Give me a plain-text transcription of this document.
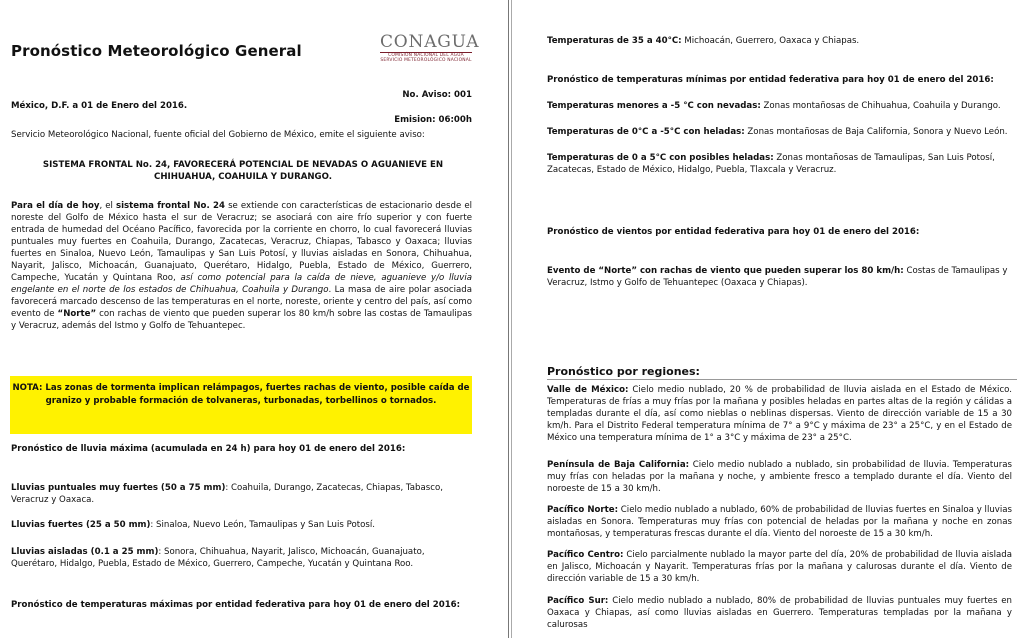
Pronóstico Meteorológico General	CONAGUA
COMISIÓN NACIONAL DEL AGUA
SERVICIO METEOROLÓGICO NACIONAL
México, D.F. a 01 de Enero del 2016.
No. Aviso: 001
Emision: 06:00h
Servicio Meteorológico Nacional, fuente oficial del Gobierno de México, emite el siguiente aviso:
SISTEMA FRONTAL No. 24, FAVORECERÁ POTENCIAL DE NEVADAS O AGUANIEVE EN CHIHUAHUA, COAHUILA Y DURANGO.
Para el día de hoy, el sistema frontal No. 24 se extiende con características de estacionario desde el noreste del Golfo de México hasta el sur de Veracruz; se asociará con aire frío superior y con fuerte entrada de humedad del Océano Pacífico, favorecida por la corriente en chorro, lo cual favorecerá lluvias puntuales muy fuertes en Coahuila, Durango, Zacatecas, Veracruz, Chiapas, Tabasco y Oaxaca; lluvias fuertes en Sinaloa, Nuevo León, Tamaulipas y San Luis Potosí, y lluvias aisladas en Sonora, Chihuahua, Nayarit, Jalisco, Michoacán, Guanajuato, Querétaro, Hidalgo, Puebla, Estado de México, Guerrero, Campeche, Yucatán y Quintana Roo, así como potencial para la caída de nieve, aguanieve y/o lluvia engelante en el norte de los estados de Chihuahua, Coahuila y Durango. La masa de aire polar asociada favorecerá marcado descenso de las temperaturas en el norte, noreste, oriente y centro del país, así como evento de “Norte” con rachas de viento que pueden superar los 80 km/h sobre las costas de Tamaulipas y Veracruz, además del Istmo y Golfo de Tehuantepec.
NOTA: Las zonas de tormenta implican relámpagos, fuertes rachas de viento, posible caída de granizo y probable formación de tolvaneras, turbonadas, torbellinos o tornados.
Pronóstico de lluvia máxima (acumulada en 24 h) para hoy 01 de enero del 2016:
Lluvias puntuales muy fuertes (50 a 75 mm): Coahuila, Durango, Zacatecas, Chiapas, Tabasco, Veracruz y Oaxaca.
Lluvias fuertes (25 a 50 mm): Sinaloa, Nuevo León, Tamaulipas y San Luis Potosí.
Lluvias aisladas (0.1 a 25 mm): Sonora, Chihuahua, Nayarit, Jalisco, Michoacán, Guanajuato, Querétaro, Hidalgo, Puebla, Estado de México, Guerrero, Campeche, Yucatán y Quintana Roo.
Pronóstico de temperaturas máximas por entidad federativa para hoy 01 de enero del 2016:
Temperaturas de 35 a 40°C: Michoacán, Guerrero, Oaxaca y Chiapas.
Pronóstico de temperaturas mínimas por entidad federativa para hoy 01 de enero del 2016:
Temperaturas menores a -5 °C con nevadas: Zonas montañosas de Chihuahua, Coahuila y Durango.
Temperaturas de 0°C a -5°C con heladas: Zonas montañosas de Baja California, Sonora y Nuevo León.
Temperaturas de 0 a 5°C con posibles heladas: Zonas montañosas de Tamaulipas, San Luis Potosí, Zacatecas, Estado de México, Hidalgo, Puebla, Tlaxcala y Veracruz.
Pronóstico de vientos por entidad federativa para hoy 01 de enero del 2016:
Evento de “Norte” con rachas de viento que pueden superar los 80 km/h: Costas de Tamaulipas y Veracruz, Istmo y Golfo de Tehuantepec (Oaxaca y Chiapas).
Pronóstico por regiones:
Valle de México: Cielo medio nublado, 20 % de probabilidad de lluvia aislada en el Estado de México. Temperaturas de frías a muy frías por la mañana y posibles heladas en partes altas de la región y cálidas a templadas durante el día, así como nieblas o neblinas dispersas. Viento de dirección variable de 15 a 30 km/h. Para el Distrito Federal temperatura mínima de 7° a 9°C y máxima de 23° a 25°C, y en el Estado de México una temperatura mínima de 1° a 3°C y máxima de 23° a 25°C.
Península de Baja California: Cielo medio nublado a nublado, sin probabilidad de lluvia. Temperaturas muy frías con heladas por la mañana y noche, y ambiente fresco a templado durante el día. Viento del noroeste de 15 a 30 km/h.
Pacífico Norte: Cielo medio nublado a nublado, 60% de probabilidad de lluvias fuertes en Sinaloa y lluvias aisladas en Sonora. Temperaturas muy frías con potencial de heladas por la mañana y noche en zonas montañosas, y temperaturas frescas durante el día. Viento del noroeste de 15 a 30 km/h.
Pacífico Centro: Cielo parcialmente nublado la mayor parte del día, 20% de probabilidad de lluvia aislada en Jalisco, Michoacán y Nayarit. Temperaturas frías por la mañana y calurosas durante el día. Viento de dirección variable de 15 a 30 km/h.
Pacífico Sur: Cielo medio nublado a nublado, 80% de probabilidad de lluvias puntuales muy fuertes en Oaxaca y Chiapas, así como lluvias aisladas en Guerrero. Temperaturas templadas por la mañana y calurosas
